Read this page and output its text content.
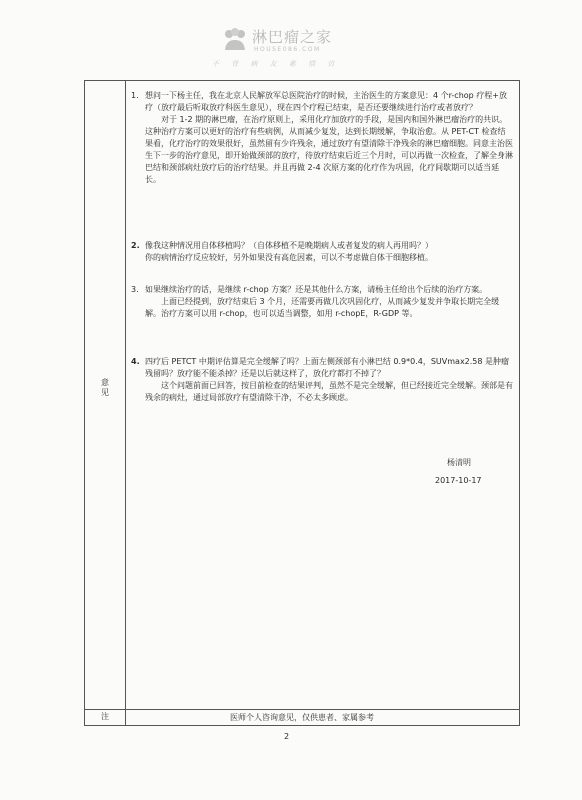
淋巴瘤之家
HOUSE086.COM
不 背 病 友 素 情 访
意见
注	医师个人咨询意见，仅供患者、家属参考
1. 想问一下杨主任，我在北京人民解放军总医院治疗的时候，主治医生的方案意见：4 个r-chop 疗程+放疗（放疗最后听取放疗科医生意见），现在四个疗程已结束，是否还要继续进行治疗或者放疗？
对于 1-2 期的淋巴瘤，在治疗原则上，采用化疗加放疗的手段，是国内和国外淋巴瘤治疗的共识。这种治疗方案可以更好的治疗有些病例，从而减少复发，达到长期缓解，争取治愈。从 PET-CT 检查结果看，化疗治疗的效果很好，虽然留有少许残余，通过放疗有望清除干净残余的淋巴瘤细胞。同意主治医生下一步的治疗意见，即开始做颈部的放疗，待放疗结束后近三个月时，可以再做一次检查，了解全身淋巴结和颈部病灶放疗后的治疗结果。并且再做 2-4 次原方案的化疗作为巩固，化疗间歇期可以适当延长。
2. 像我这种情况用自体移植吗？（自体移植不是晚期病人或者复发的病人再用吗？）
你的病情治疗反应较好，另外如果没有高危因素，可以不考虑做自体干细胞移植。
3. 如果继续治疗的话，是继续 r-chop 方案？还是其他什么方案，请杨主任给出个后续的治疗方案。
上面已经提到，放疗结束后 3 个月，还需要再做几次巩固化疗，从而减少复发并争取长期完全缓解。治疗方案可以用 r-chop，也可以适当调整，如用 r-chopE，R-GDP 等。
4. 四疗后 PETCT 中期评估算是完全缓解了吗？上面左侧颈部有小淋巴结 0.9*0.4，SUVmax2.58 是肿瘤残留吗？放疗能不能杀掉？还是以后就这样了，放化疗都打不掉了？
这个问题前面已回答，按目前检查的结果评判，虽然不是完全缓解，但已经接近完全缓解。颈部是有残余的病灶，通过局部放疗有望清除干净，不必太多顾虑。
杨清明
2017-10-17
2
